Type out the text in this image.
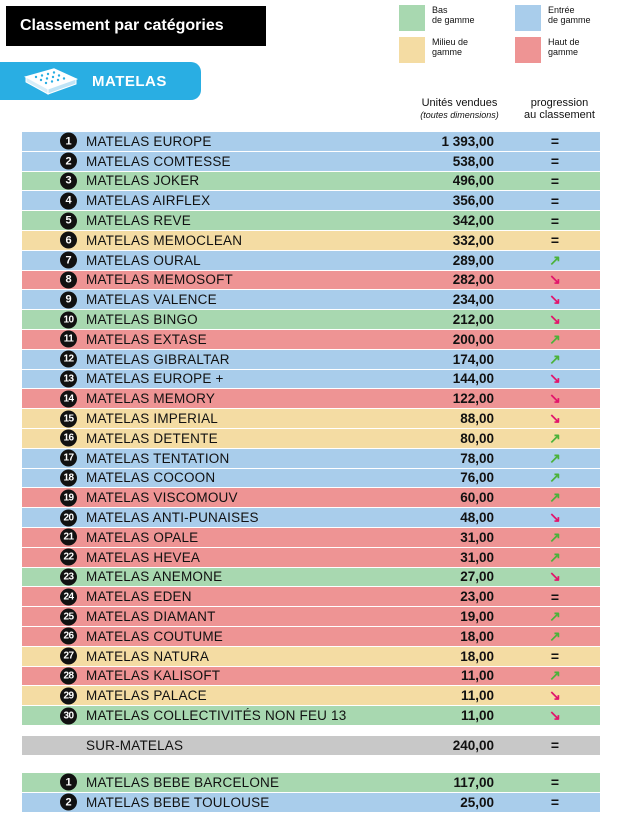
Classement par catégories
Bas
de gamme
Entrée
de gamme
Milieu de
gamme
Haut de
gamme
MATELAS
Unités vendues
(toutes dimensions)
progression
au classement
1	MATELAS EUROPE	1 393,00	=
2	MATELAS COMTESSE	538,00	=
3	MATELAS JOKER	496,00	=
4	MATELAS AIRFLEX	356,00	=
5	MATELAS REVE	342,00	=
6	MATELAS MEMOCLEAN	332,00	=
7	MATELAS OURAL	289,00	↗
8	MATELAS MEMOSOFT	282,00	↘
9	MATELAS VALENCE	234,00	↘
10 MATELAS BINGO	212,00	↘
11 MATELAS EXTASE	200,00	↗
12 MATELAS GIBRALTAR	174,00	↗
13 MATELAS EUROPE +	144,00	↘
14 MATELAS MEMORY	122,00	↘
15 MATELAS IMPERIAL	88,00	↘
16 MATELAS DETENTE	80,00	↗
17 MATELAS TENTATION	78,00	↗
18 MATELAS COCOON	76,00	↗
19 MATELAS VISCOMOUV	60,00	↗
20 MATELAS ANTI-PUNAISES	48,00	↘
21 MATELAS OPALE	31,00	↗
22 MATELAS HEVEA	31,00	↗
23 MATELAS ANEMONE	27,00	↘
24 MATELAS EDEN	23,00	=
25 MATELAS DIAMANT	19,00	↗
26 MATELAS COUTUME	18,00	↗
27 MATELAS NATURA	18,00	=
28 MATELAS KALISOFT	11,00	↗
29 MATELAS PALACE	11,00	↘
30 MATELAS COLLECTIVITÉS NON FEU 13	11,00	↘
SUR-MATELAS	240,00	=
1	MATELAS BEBE BARCELONE	117,00	=
2	MATELAS BEBE TOULOUSE	25,00	=
